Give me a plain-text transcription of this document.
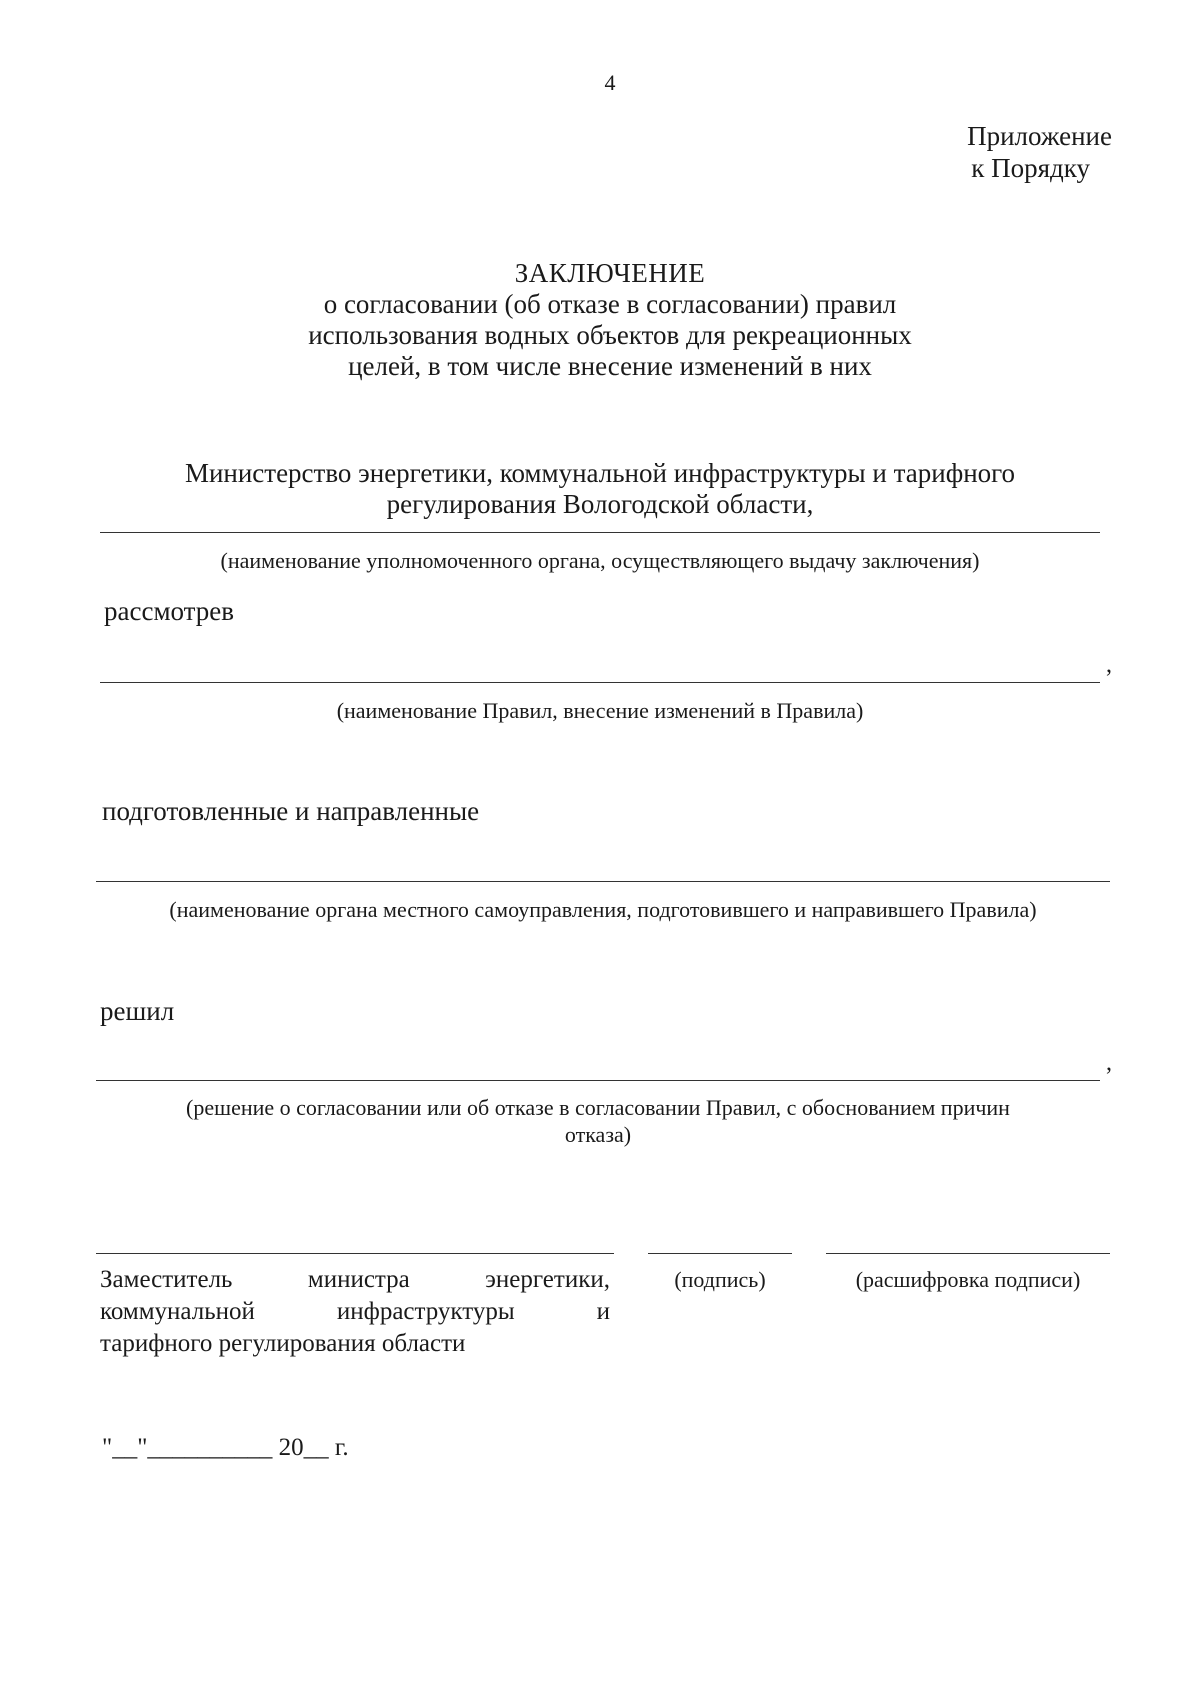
4
Приложение
к Порядку
ЗАКЛЮЧЕНИЕ
о согласовании (об отказе в согласовании) правил
использования водных объектов для рекреационных
целей, в том числе внесение изменений в них
Министерство энергетики, коммунальной инфраструктуры и тарифного
регулирования Вологодской области,
(наименование уполномоченного органа, осуществляющего выдачу заключения)
рассмотрев
,
(наименование Правил, внесение изменений в Правила)
подготовленные и направленные
(наименование органа местного самоуправления, подготовившего и направившего Правила)
решил
,
(решение о согласовании или об отказе в согласовании Правил, с обоснованием причин
отказа)
Заместитель министра энергетики,
коммунальной инфраструктуры и
тарифного регулирования области
(подпись)	(расшифровка подписи)
"__"__________ 20__ г.
